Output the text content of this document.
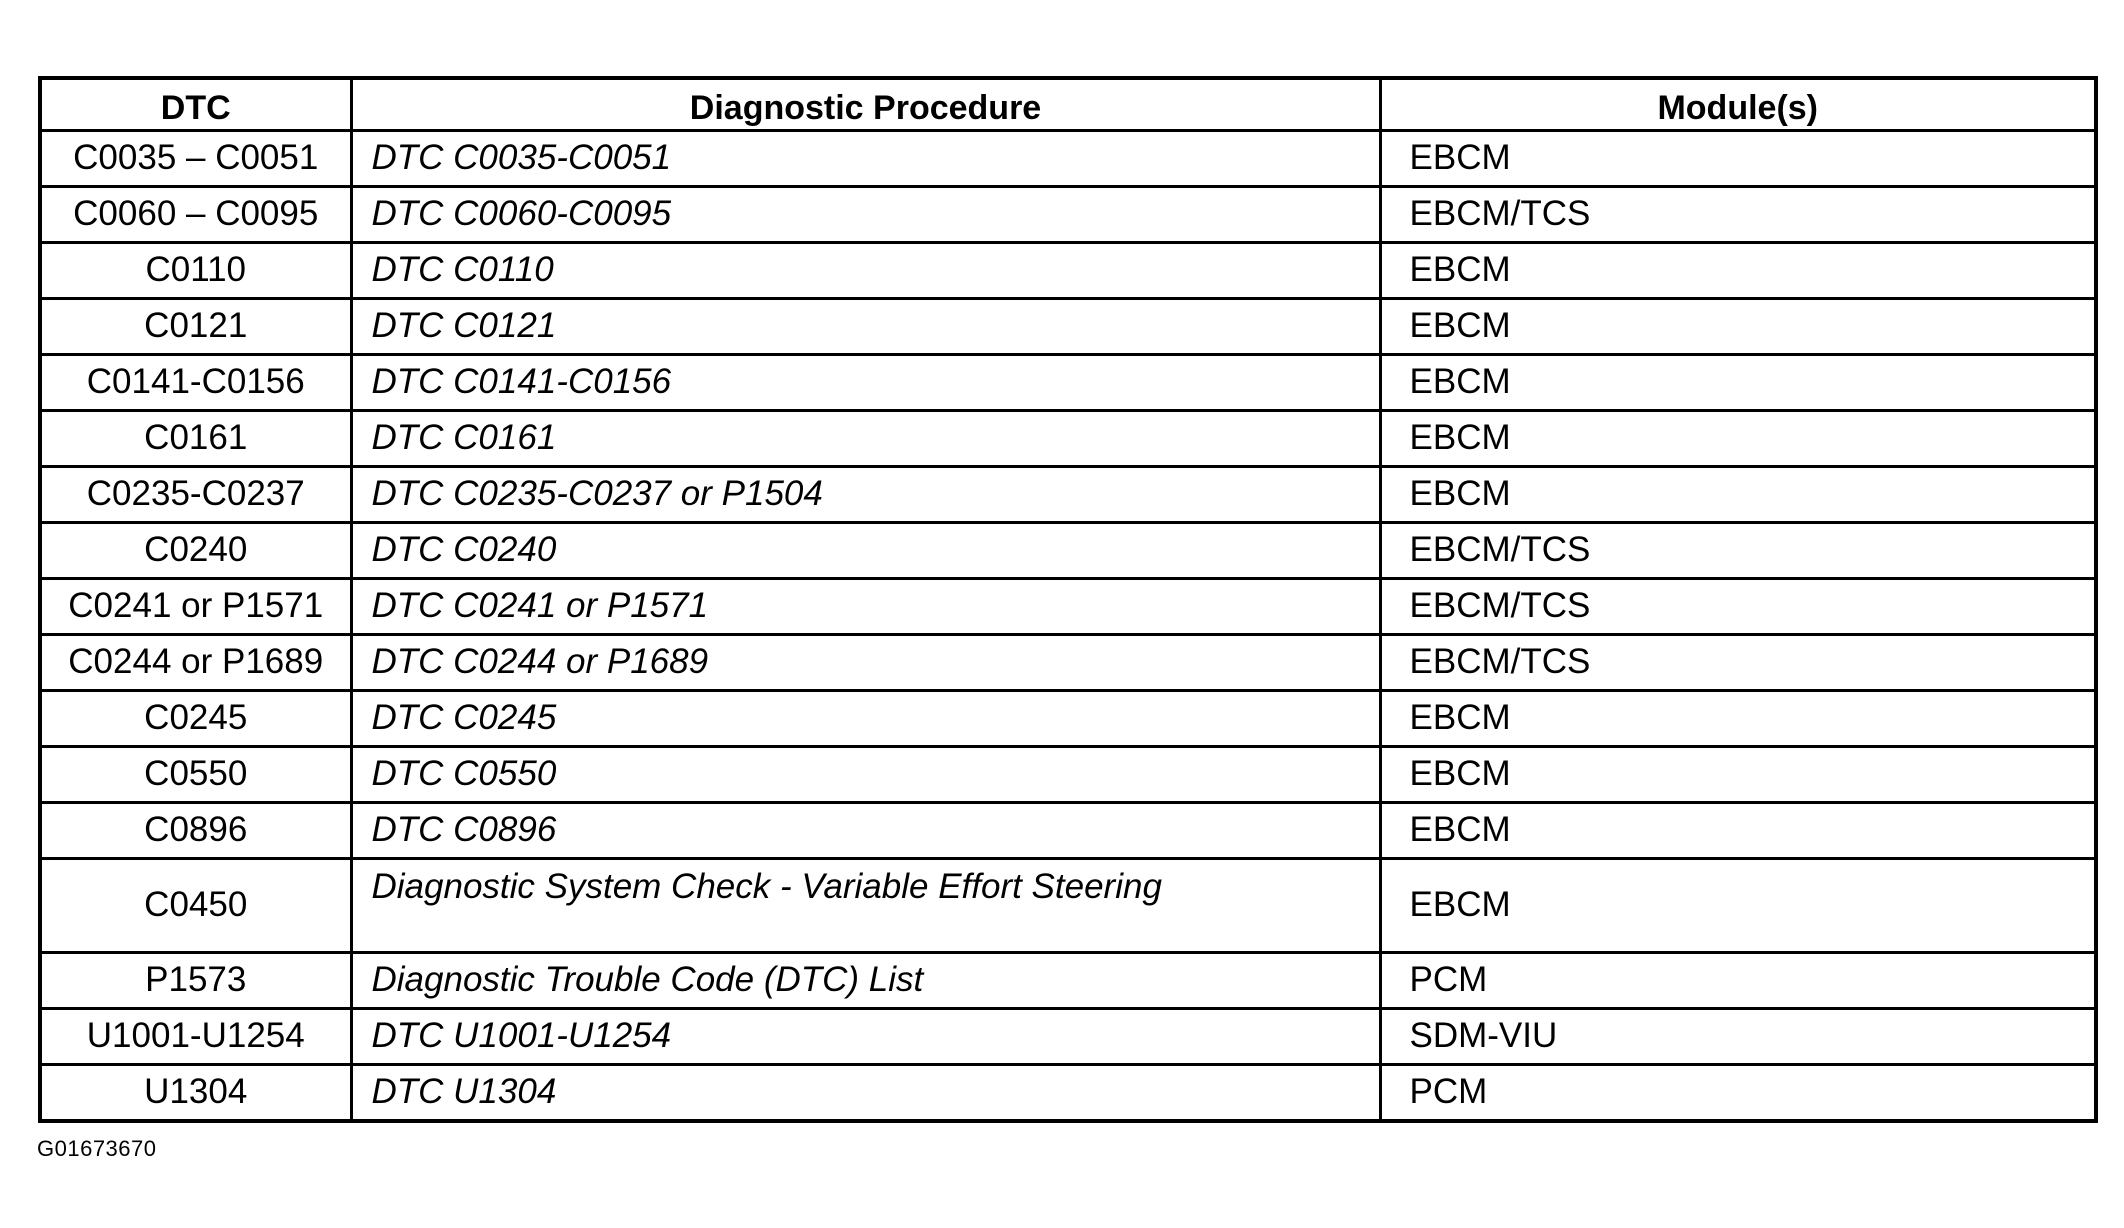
DTC	Diagnostic Procedure	Module(s)
C0035 – C0051	DTC C0035-C0051	EBCM
C0060 – C0095	DTC C0060-C0095	EBCM/TCS
C0110	DTC C0110	EBCM
C0121	DTC C0121	EBCM
C0141-C0156	DTC C0141-C0156	EBCM
C0161	DTC C0161	EBCM
C0235-C0237	DTC C0235-C0237 or P1504	EBCM
C0240	DTC C0240	EBCM/TCS
C0241 or P1571	DTC C0241 or P1571	EBCM/TCS
C0244 or P1689	DTC C0244 or P1689	EBCM/TCS
C0245	DTC C0245	EBCM
C0550	DTC C0550	EBCM
C0896	DTC C0896	EBCM
C0450	Diagnostic System Check - Variable Effort Steering	EBCM
P1573	Diagnostic Trouble Code (DTC) List	PCM
U1001-U1254	DTC U1001-U1254	SDM-VIU
U1304	DTC U1304	PCM
G01673670
